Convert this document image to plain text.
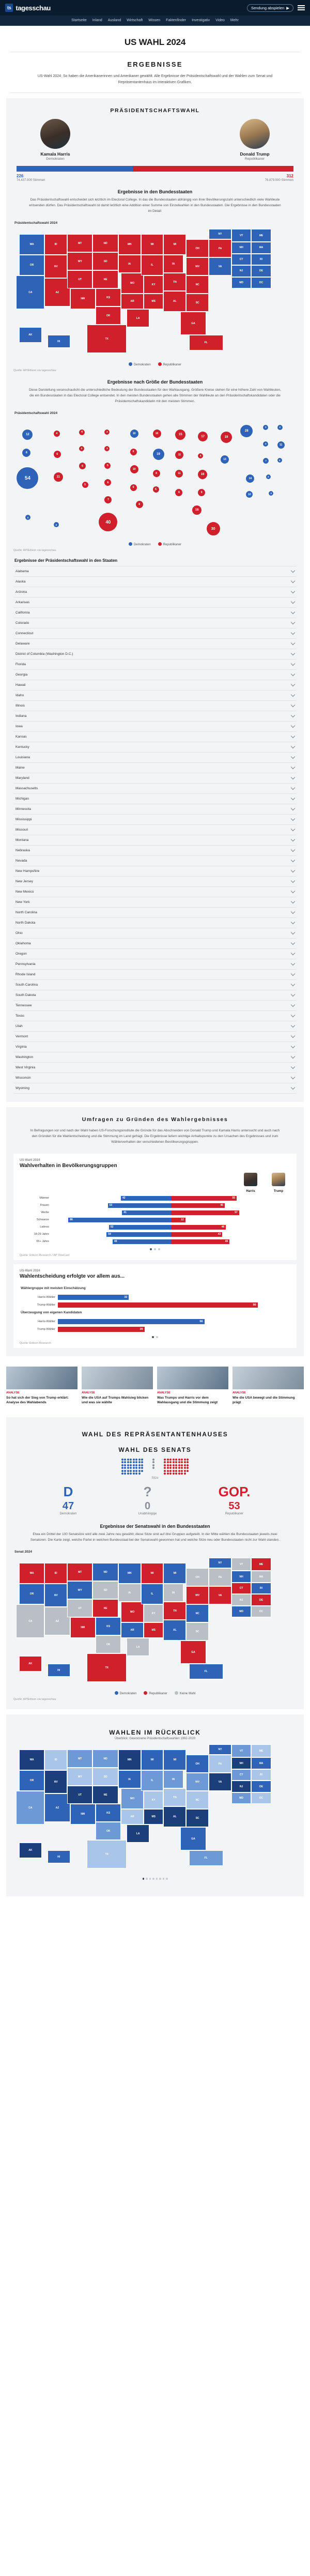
ts tagesschau	Sendung abspielen ▶
Startseite Inland Ausland Wirtschaft Wissen Faktenfinder Investigativ Video Mehr
US WAHL 2024
ERGEBNISSE
US-Wahl 2024: So haben die Amerikanerinnen und Amerikaner gewählt. Alle Ergebnisse der Präsidentschaftswahl und der Wahlen zum Senat und Repräsentantenhaus im interaktiven Grafiken.
PRÄSIDENTSCHAFTSWAHL
Kamala Harris
Demokraten
Donald Trump
Republikaner
226	312
74.437.000 Stimmen	76.879.000 Stimmen
Ergebnisse in den Bundesstaaten
Das Präsidentschaftswahl entscheidet sich letztlich im Electoral College. In das die Bundesstaaten abhängig von ihrer Bevölkerungszahl unterschiedlich viele Wahlleute entsenden dürfen. Das Präsidentschaftswahl ist damit letztlich eine Addition einer Summe von Einzelwahlen in den Bundesstaaten. Die Ergebnisse in den Bundesstaaten im Detail:
Präsidentschaftswahl 2024
WA
OR
CA
ID
NV
AZ
MT
WY
UT
NM
ND
SD
NE
KS
OK
TX
MN
IA
MO
AR
LA
WI
IL
KY
MS
MI
IN
TN
AL
OH
WV
NC
SC
GA
FL
PA
VA
NY	VT	ME
NH	MA
CT	RI
NJ	DE
MD	DC
AK
HI
Demokraten	Republikaner
Quelle: AP/Edison via tagesschau
Ergebnisse nach Größe der Bundesstaaten
Diese Darstellung veranschaulicht die unterschiedliche Bedeutung der Bundesstaaten für den Wahlausgang. Größere Kreise stehen für eine höhere Zahl von Wahlleuten, die ein Bundesstaaten in das Electoral College entsendet. In den meisten Bundesstaaten gehen alle Stimmen der Wahlleute an den Präsidentschaftskandidaten oder die Präsidentschaftskandidatin mit den meisten Stimmen.
Präsidentschaftswahl 2024
12
8
54
4
6
11
4
3
6
5
3
3
5
6
7
40
10
6
10
6
8
10
19
8
6
15
11
11
9
17
4
16
9
16
30
19
13
28
3	4
4	11
7	4
14
3
10	3
3
4
Demokraten	Republikaner
Quelle: AP/Edison via tagesschau
Ergebnisse der Präsidentschaftswahl in den Staaten
Alabama
Alaska
Arizona
Arkansas
California
Colorado
Connecticut
Delaware
District of Columbia (Washington D.C.)
Florida
Georgia
Hawaii
Idaho
Illinois
Indiana
Iowa
Kansas
Kentucky
Louisiana
Maine
Maryland
Massachusetts
Michigan
Minnesota
Mississippi
Missouri
Montana
Nebraska
Nevada
New Hampshire
New Jersey
New Mexico
New York
North Carolina
North Dakota
Ohio
Oklahoma
Oregon
Pennsylvania
Rhode Island
South Carolina
South Dakota
Tennessee
Texas
Utah
Vermont
Virginia
Washington
West Virginia
Wisconsin
Wyoming
Umfragen zu Gründen des Wahlergebnisses
In Befragungen vor und nach der Wahl haben US-Forschungsinstitute die Gründe für das Abschneiden von Donald Trump und Kamala Harris untersucht und auch nach den Gründen für die Wahlentscheidung und die Stimmung im Land gefragt. Die Ergebnisse liefern wichtige Anhaltspunkte zu den Ursachen des Ergebnisses und zum Wählerverhalten der verschiedenen Bevölkerungsgruppen.
US-Wahl 2024
Wahlverhalten in Bevölkerungsgruppen
Harris	Trump
Männer	42	55
Frauen	53	45
Weiße	41	57
Schwarze	86	12
Latinos	52	46
18-29 Jahre	54	43
65+ Jahre	49	49
Quelle: Edison Research / AP VoteCast
US-Wahl 2024
Wahlentscheidung erfolgte vor allem aus...
Wählergruppe mit meisten Einschätzung
Harris-Wähler	32
Trump-Wähler	90
Überzeugung von eigenen Kandidaten
Harris-Wähler	66
Trump-Wähler	39
Quelle: Edison Research
ANALYSE
So hat sich der Sieg von Trump erklärt: Analyse des Wahlabends
ANALYSE
Wie die USA auf Trumps Wahlsieg blicken und was sie wählte
ANALYSE
Was Trumps und Harris vor dem Wahlausgang und die Stimmung zeigt
ANALYSE
Wie die USA bewegt und die Stimmung prägt
WAHL DES REPRÄSENTANTENHAUSES
WAHL DES SENATS
Sitze
D
47
Demokraten
?
0
Unabhängige
GOP.
53
Republikaner
Ergebnisse der Senatswahl in den Bundesstaaten
Etwa ein Drittel der 100 Senatsitze wird alle zwei Jahre neu gewählt; diese Sitze sind auf drei Gruppen aufgeteilt. In der Mitte wählen die Bundesstaaten jeweils zwei Senatoren. Die Karte zeigt, welche Partei in welchen Bundesstaat bei der Senatswahl gewonnen hat und welche Sitze neu oder Bundesstaaten nicht zur Wahl standen.
Senat 2024
WA
OR
CA
ID
NV
AZ
MT
WY
UT
NM
ND
SD
NE
KS
OK
TX
MN
IA
MO
AR
LA
WI
IL
KY
MS
MI
IN
TN
AL
OH
WV
NC
SC
GA
FL
PA
VA
NY	VT	ME
NH	MA
CT	RI
NJ	DE
MD	DC
AK
HI
Demokraten	Republikaner	Keine Wahl
Quelle: AP/Edison via tagesschau
WAHLEN IM RÜCKBLICK
Überblick: Gewonnene Präsidentschaftswahlen 1992-2020
WA
OR
CA
ID
NV
AZ
MT
WY
UT
NM
ND
SD
NE
KS
OK
TX
MN
IA
MO
AR
LA
WI
IL
KY
MS
MI
IN
TN
AL
OH
WV
NC
SC
GA
FL
PA
VA
NY	VT	ME
NH	MA
CT	RI
NJ	DE
MD	DC
AK
HI
